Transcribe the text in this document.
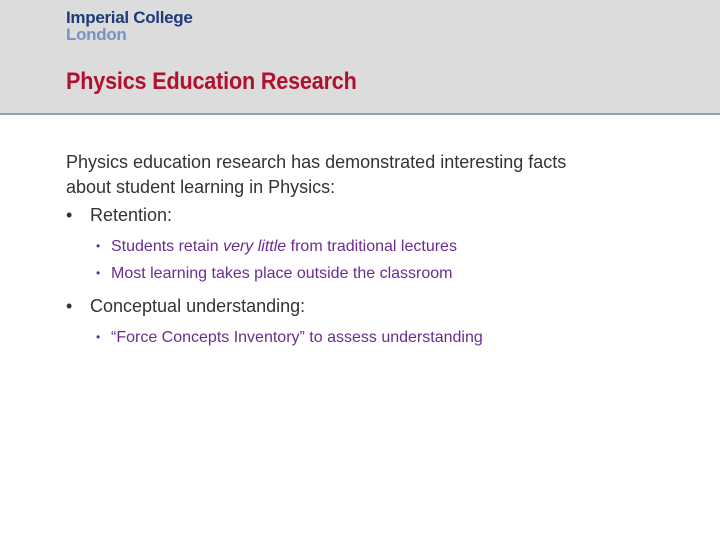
Imperial College
London
Physics Education Research

Physics education research has demonstrated interesting facts
about student learning in Physics:

• Retention:
• Students retain very little from traditional lectures
• Most learning takes place outside the classroom
• Conceptual understanding:
• “Force Concepts Inventory” to assess understanding
